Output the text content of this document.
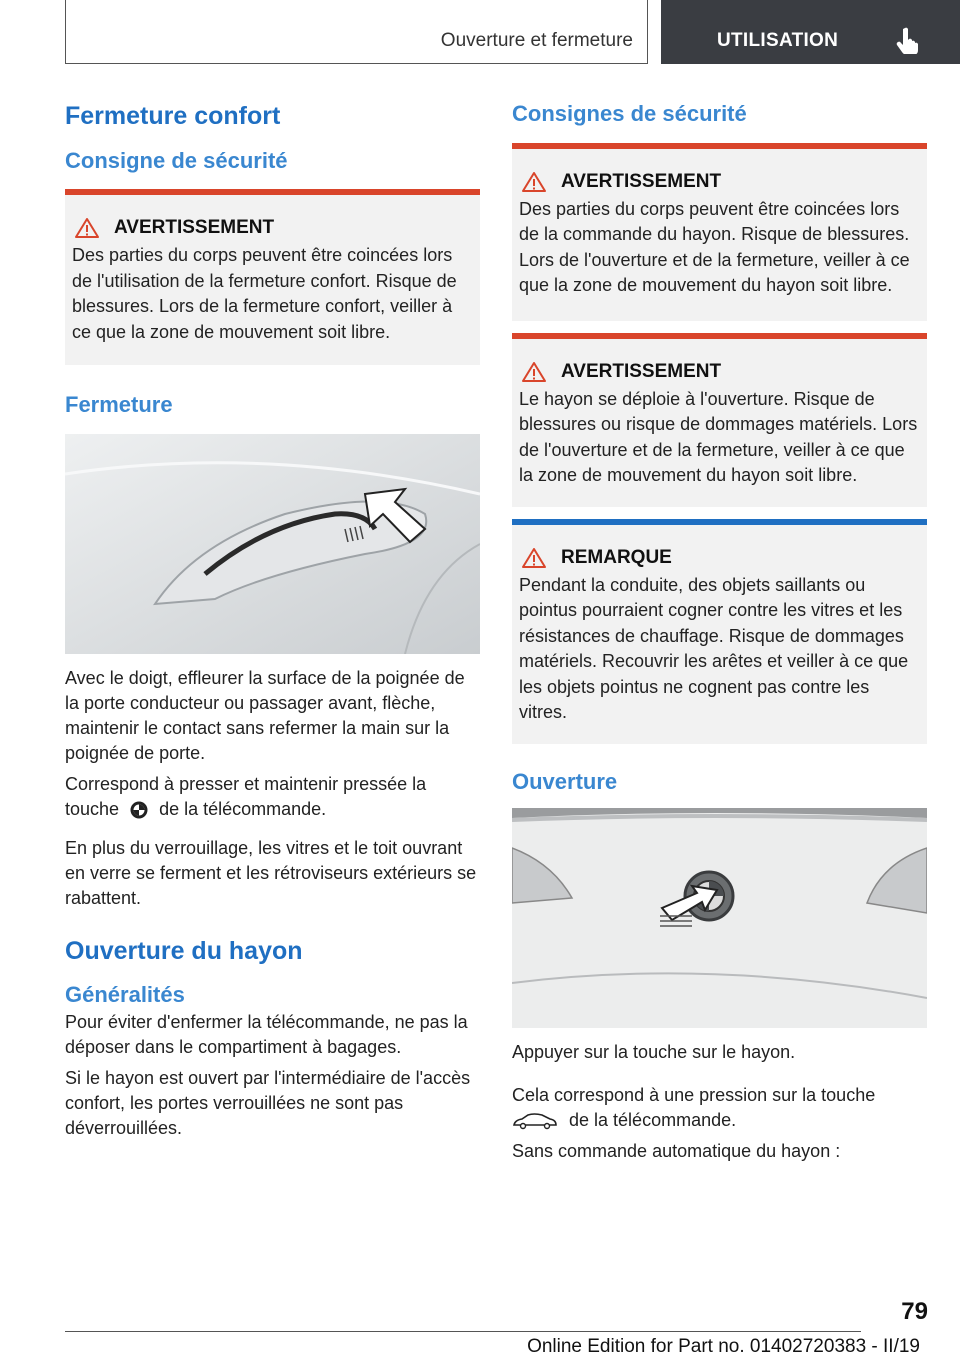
Ouverture et fermeture	UTILISATION
Fermeture confort
Consigne de sécurité
AVERTISSEMENT

Des parties du corps peuvent être coincées lors de l'utilisation de la fermeture confort. Risque de blessures. Lors de la fermeture confort, veiller à ce que la zone de mouvement soit libre.

Fermeture

Avec le doigt, effleurer la surface de la poignée de la porte conducteur ou passager avant, flèche, maintenir le contact sans refermer la main sur la poignée de porte.

Correspond à presser et maintenir pressée la touche de la télécommande.

En plus du verrouillage, les vitres et le toit ouvrant en verre se ferment et les rétroviseurs extérieurs se rabattent.

Ouverture du hayon
Généralités

Pour éviter d'enfermer la télécommande, ne pas la déposer dans le compartiment à bagages.

Si le hayon est ouvert par l'intermédiaire de l'accès confort, les portes verrouillées ne sont pas déverrouillées.

Consignes de sécurité
AVERTISSEMENT

Des parties du corps peuvent être coincées lors de la commande du hayon. Risque de blessures. Lors de l'ouverture et de la fermeture, veiller à ce que la zone de mouvement du hayon soit libre.

AVERTISSEMENT

Le hayon se déploie à l'ouverture. Risque de blessures ou risque de dommages matériels. Lors de l'ouverture et de la fermeture, veiller à ce que la zone de mouvement du hayon soit libre.

REMARQUE

Pendant la conduite, des objets saillants ou pointus pourraient cogner contre les vitres et les résistances de chauffage. Risque de dommages matériels. Recouvrir les arêtes et veiller à ce que les objets pointus ne cognent pas contre les vitres.

Ouverture

Appuyer sur la touche sur le hayon.

Cela correspond à une pression sur la touche
de la télécommande.

Sans commande automatique du hayon :

79
Online Edition for Part no. 01402720383 - II/19
